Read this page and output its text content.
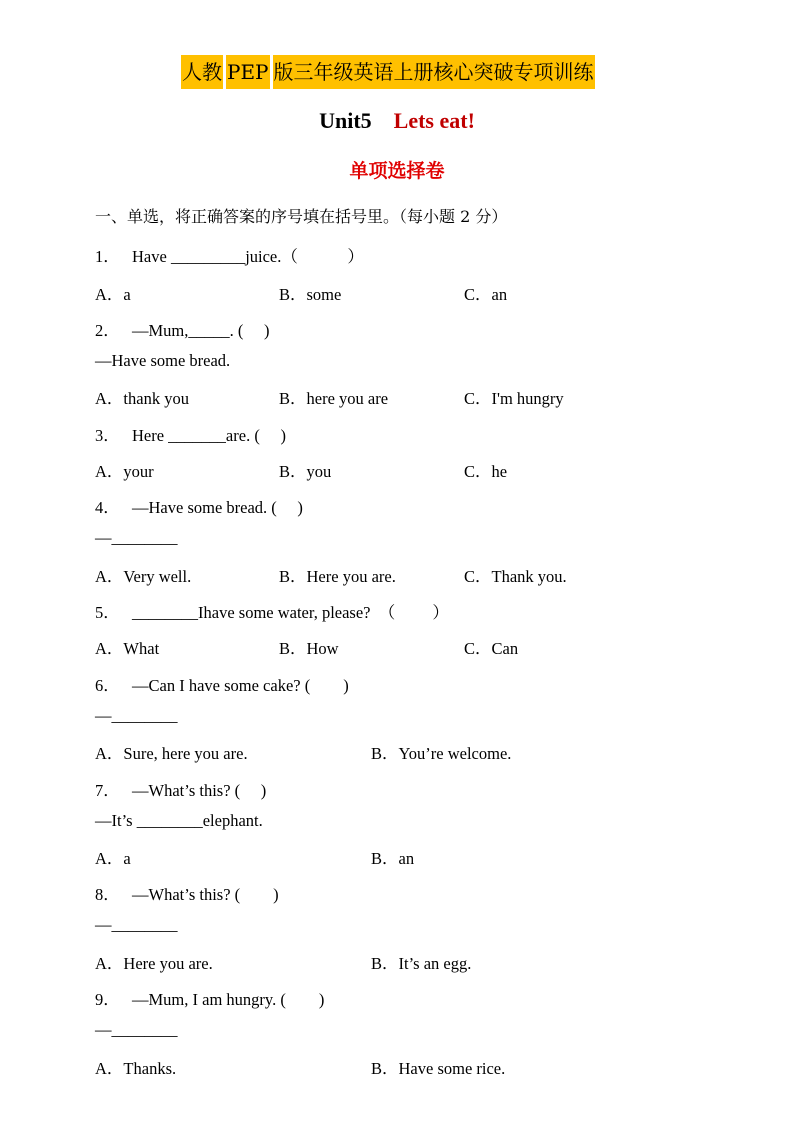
人教 PEP 版三年级英语上册核心突破专项训练
Unit5 Lets eat!
单项选择卷
一、单选，将正确答案的序号填在括号里。（每小题 2 分）
1． Have _________juice.（　　　）
A．a	B．some	C．an
2． —Mum,_____. (　 )
—Have some bread.
A．thank you	B．here you are	C．I'm hungry
3． Here _______are. (　 )
A．your	B．you	C．he
4． —Have some bread. (　 )
—________
A．Very well.	B．Here you are.	C．Thank you.
5． ________Ihave some water, please?　（　　 ）
A．What	B．How	C．Can
6． —Can I have some cake? (　　)
—________
A．Sure, here you are.	B．You’re welcome.
7． —What’s this? (　 )
—It’s ________elephant.
A．a	B．an
8． —What’s this? (　　)
—________
A．Here you are.	B．It’s an egg.
9． —Mum, I am hungry. (　　)
—________
A．Thanks.	B．Have some rice.
